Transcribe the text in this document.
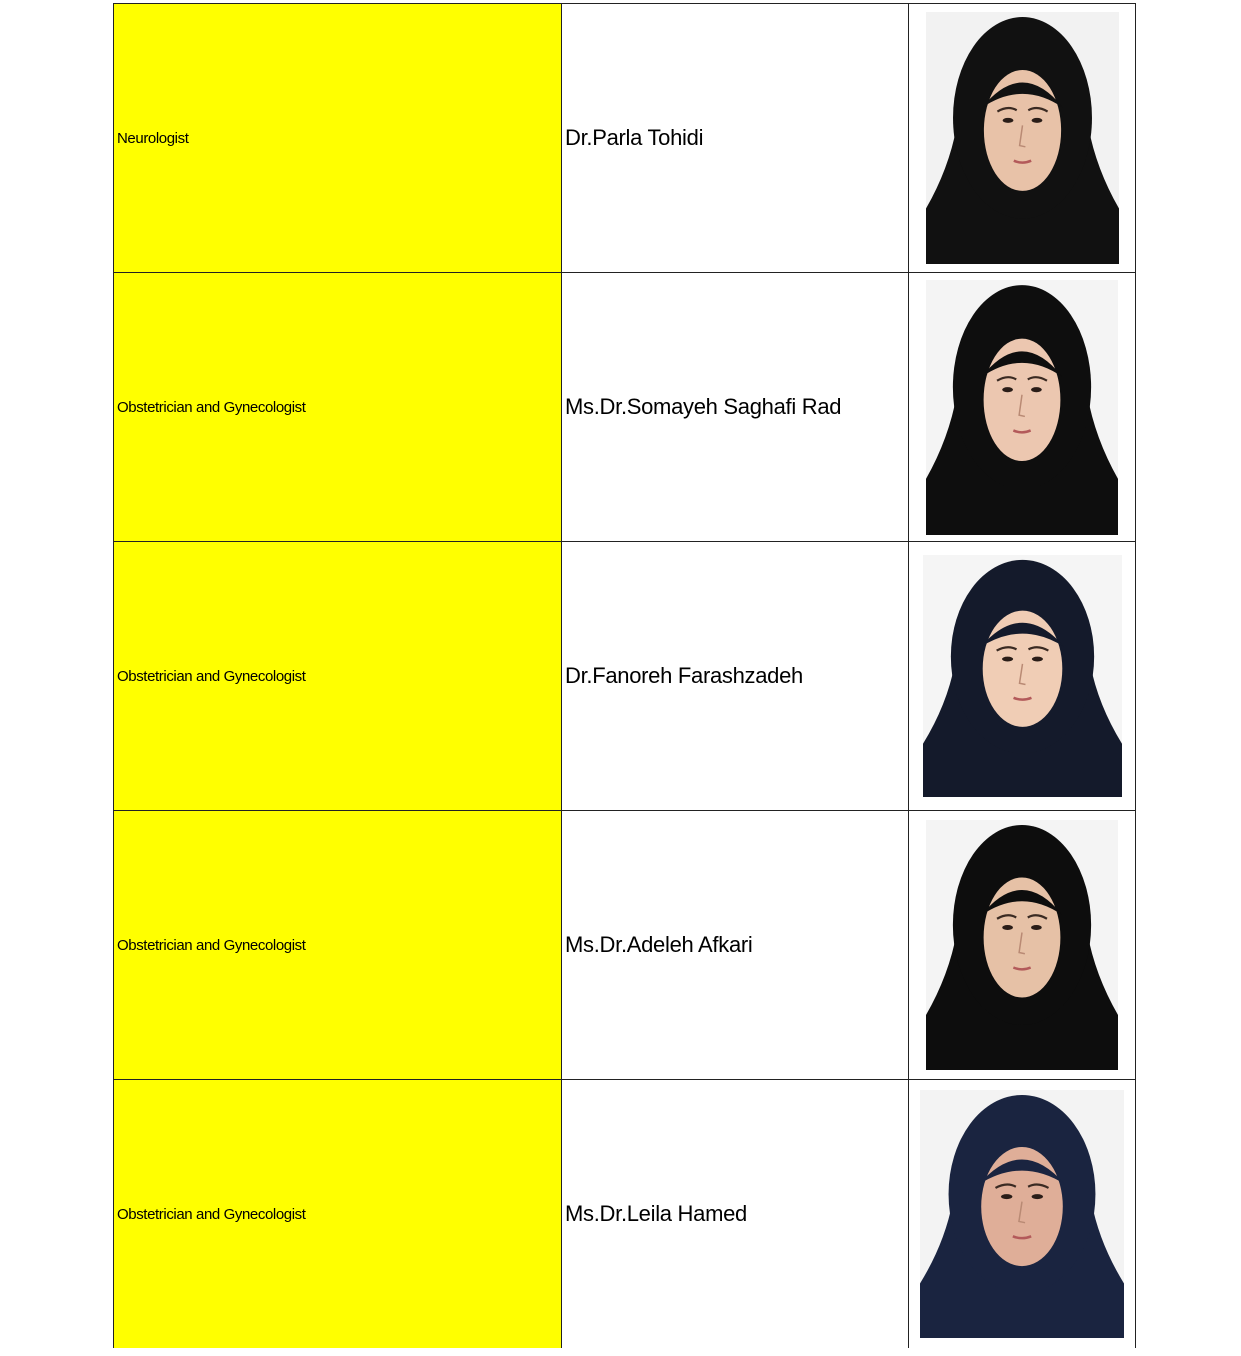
Neurologist	Dr.Parla Tohidi

Obstetrician and Gynecologist	Ms.Dr.Somayeh Saghafi Rad

Obstetrician and Gynecologist	Dr.Fanoreh Farashzadeh

Obstetrician and Gynecologist	Ms.Dr.Adeleh Afkari

Obstetrician and Gynecologist	Ms.Dr.Leila Hamed
